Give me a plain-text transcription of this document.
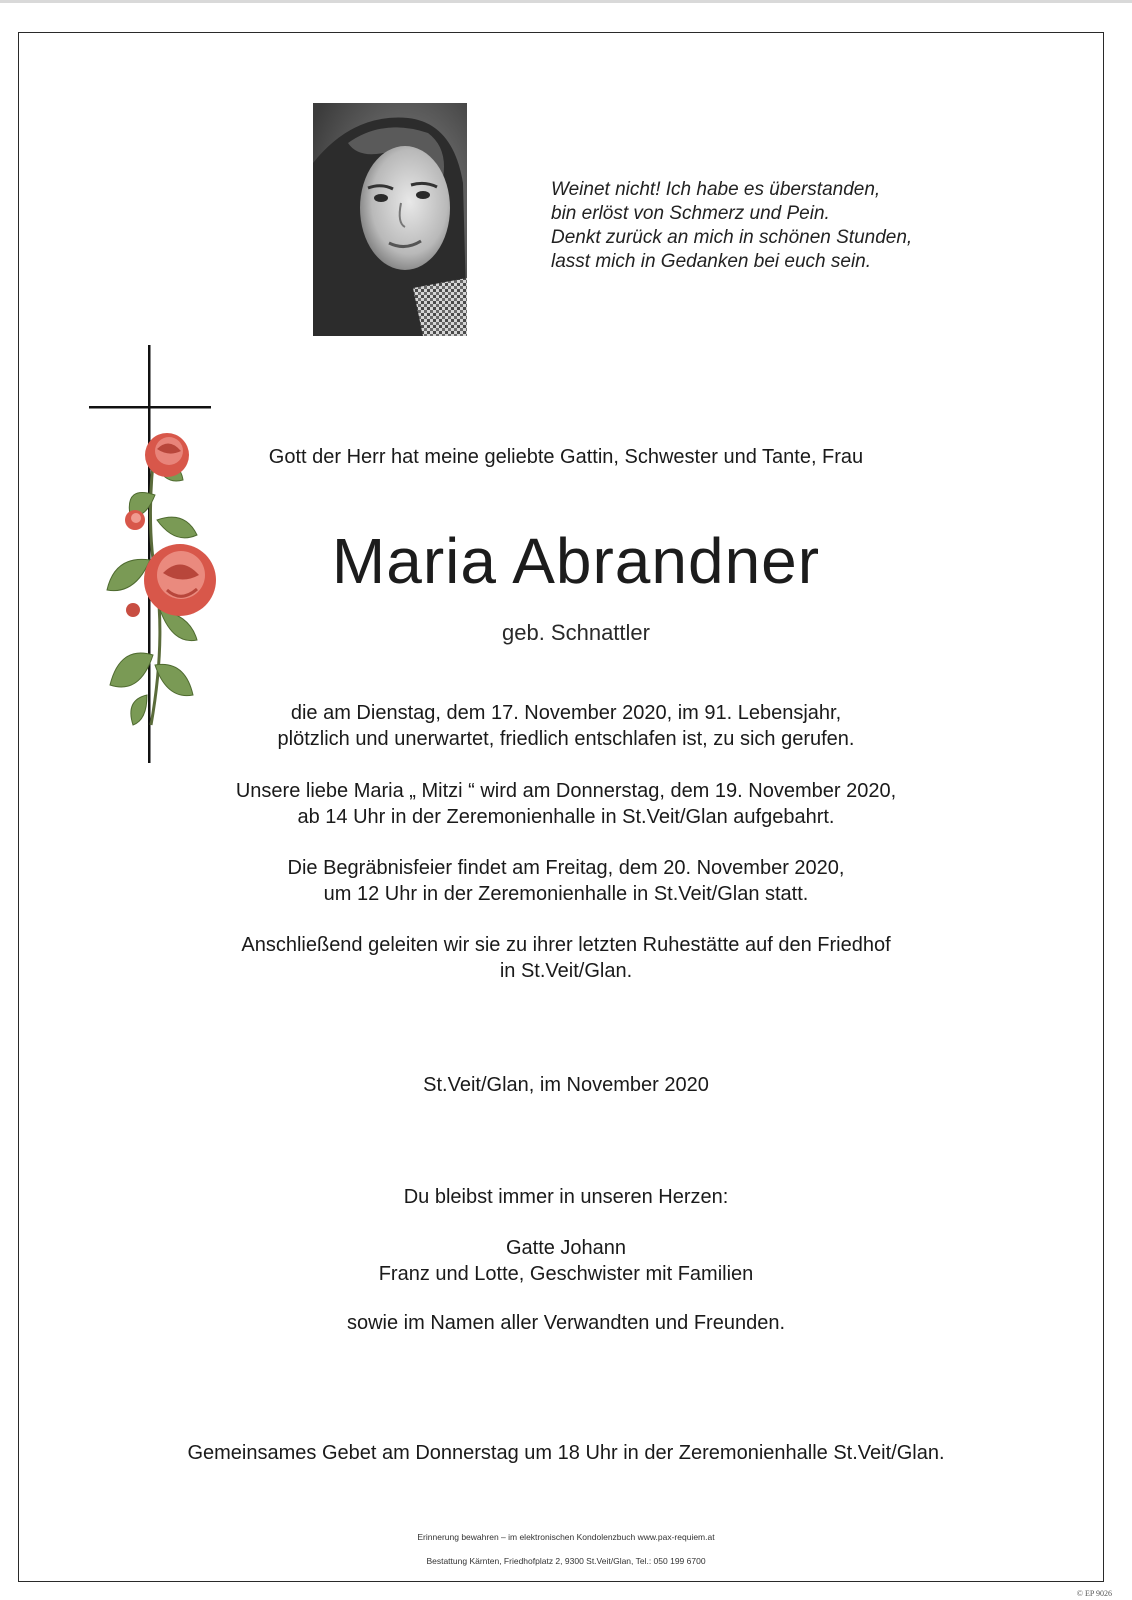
Weinet nicht! Ich habe es überstanden,
bin erlöst von Schmerz und Pein.
Denkt zurück an mich in schönen Stunden,
lasst mich in Gedanken bei euch sein.
Gott der Herr hat meine geliebte Gattin, Schwester und Tante, Frau
Maria Abrandner
geb. Schnattler
die am Dienstag, dem 17. November 2020, im 91. Lebensjahr,
plötzlich und unerwartet, friedlich entschlafen ist, zu sich gerufen.
Unsere liebe Maria „ Mitzi “ wird am Donnerstag, dem 19. November 2020,
ab 14 Uhr in der Zeremonienhalle in St.Veit/Glan aufgebahrt.
Die Begräbnisfeier findet am Freitag, dem 20. November 2020,
um 12 Uhr in der Zeremonienhalle in St.Veit/Glan statt.
Anschließend geleiten wir sie zu ihrer letzten Ruhestätte auf den Friedhof
in St.Veit/Glan.
St.Veit/Glan, im November 2020
Du bleibst immer in unseren Herzen:
Gatte Johann
Franz und Lotte, Geschwister mit Familien
sowie im Namen aller Verwandten und Freunden.
Gemeinsames Gebet am Donnerstag um 18 Uhr in der Zeremonienhalle St.Veit/Glan.
Erinnerung bewahren – im elektronischen Kondolenzbuch www.pax-requiem.at
Bestattung Kärnten, Friedhofplatz 2, 9300 St.Veit/Glan, Tel.: 050 199 6700
© EP 9026
